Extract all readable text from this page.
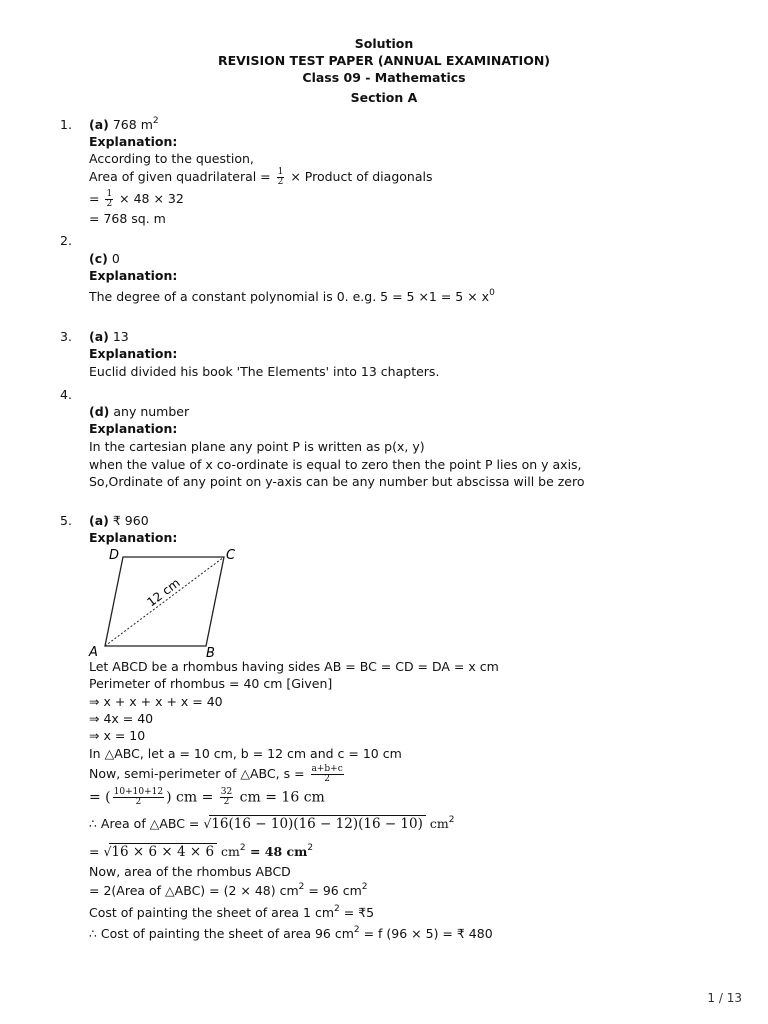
Solution
REVISION TEST PAPER (ANNUAL EXAMINATION)
Class 09 - Mathematics
Section A
1. (a) 768 $m^2$
Explanation:
According to the question,
Area of given quadrilateral = $\frac{1}{2}$ × Product of diagonals
= $\frac{1}{2} \times 48 \times 32$
= 768 sq. m
2.
(c) 0
Explanation:
The degree of a constant polynomial is 0. e.g. $5 = 5 \times 1 = 5 \times x^0$
3. (a) 13
Explanation:
Euclid divided his book 'The Elements' into 13 chapters.
4.
(d) any number
Explanation:
In the cartesian plane any point P is written as p(x, y)
when the value of x co-ordinate is equal to zero then the point P lies on y axis,
So,Ordinate of any point on y-axis can be any number but abscissa will be zero
5. (a) ₹ 960
Explanation:
D	C
A	B
12 cm
Let ABCD be a rhombus having sides AB = BC = CD = DA = x cm
Perimeter of rhombus = 40 cm [Given]
⇒ x + x + x + x = 40
⇒ 4x = 40
⇒ x = 10
In △ABC, let a = 10 cm, b = 12 cm and c = 10 cm
Now, semi-perimeter of △ABC, $s = \frac{a+b+c}{2}$
= ( $\frac{10+10+12}{2}$ ) cm = $\frac{32}{2}$ cm = 16 cm
∴ Area of △ABC = √16(16 − 10)(16 − 12)(16 − 10) $cm^2$
= √16 × 6 × 4 × 6 $cm^2 = 48$ $cm^2$
Now, area of the rhombus ABCD
= 2(Area of △ABC) = (2 × 48) $cm^2 = 96$ $cm^2$
Cost of painting the sheet of area 1 $cm^2$ = ₹5
∴ Cost of painting the sheet of area 96 $cm^2 = f$ (96 × 5) = ₹ 480
1 / 13
